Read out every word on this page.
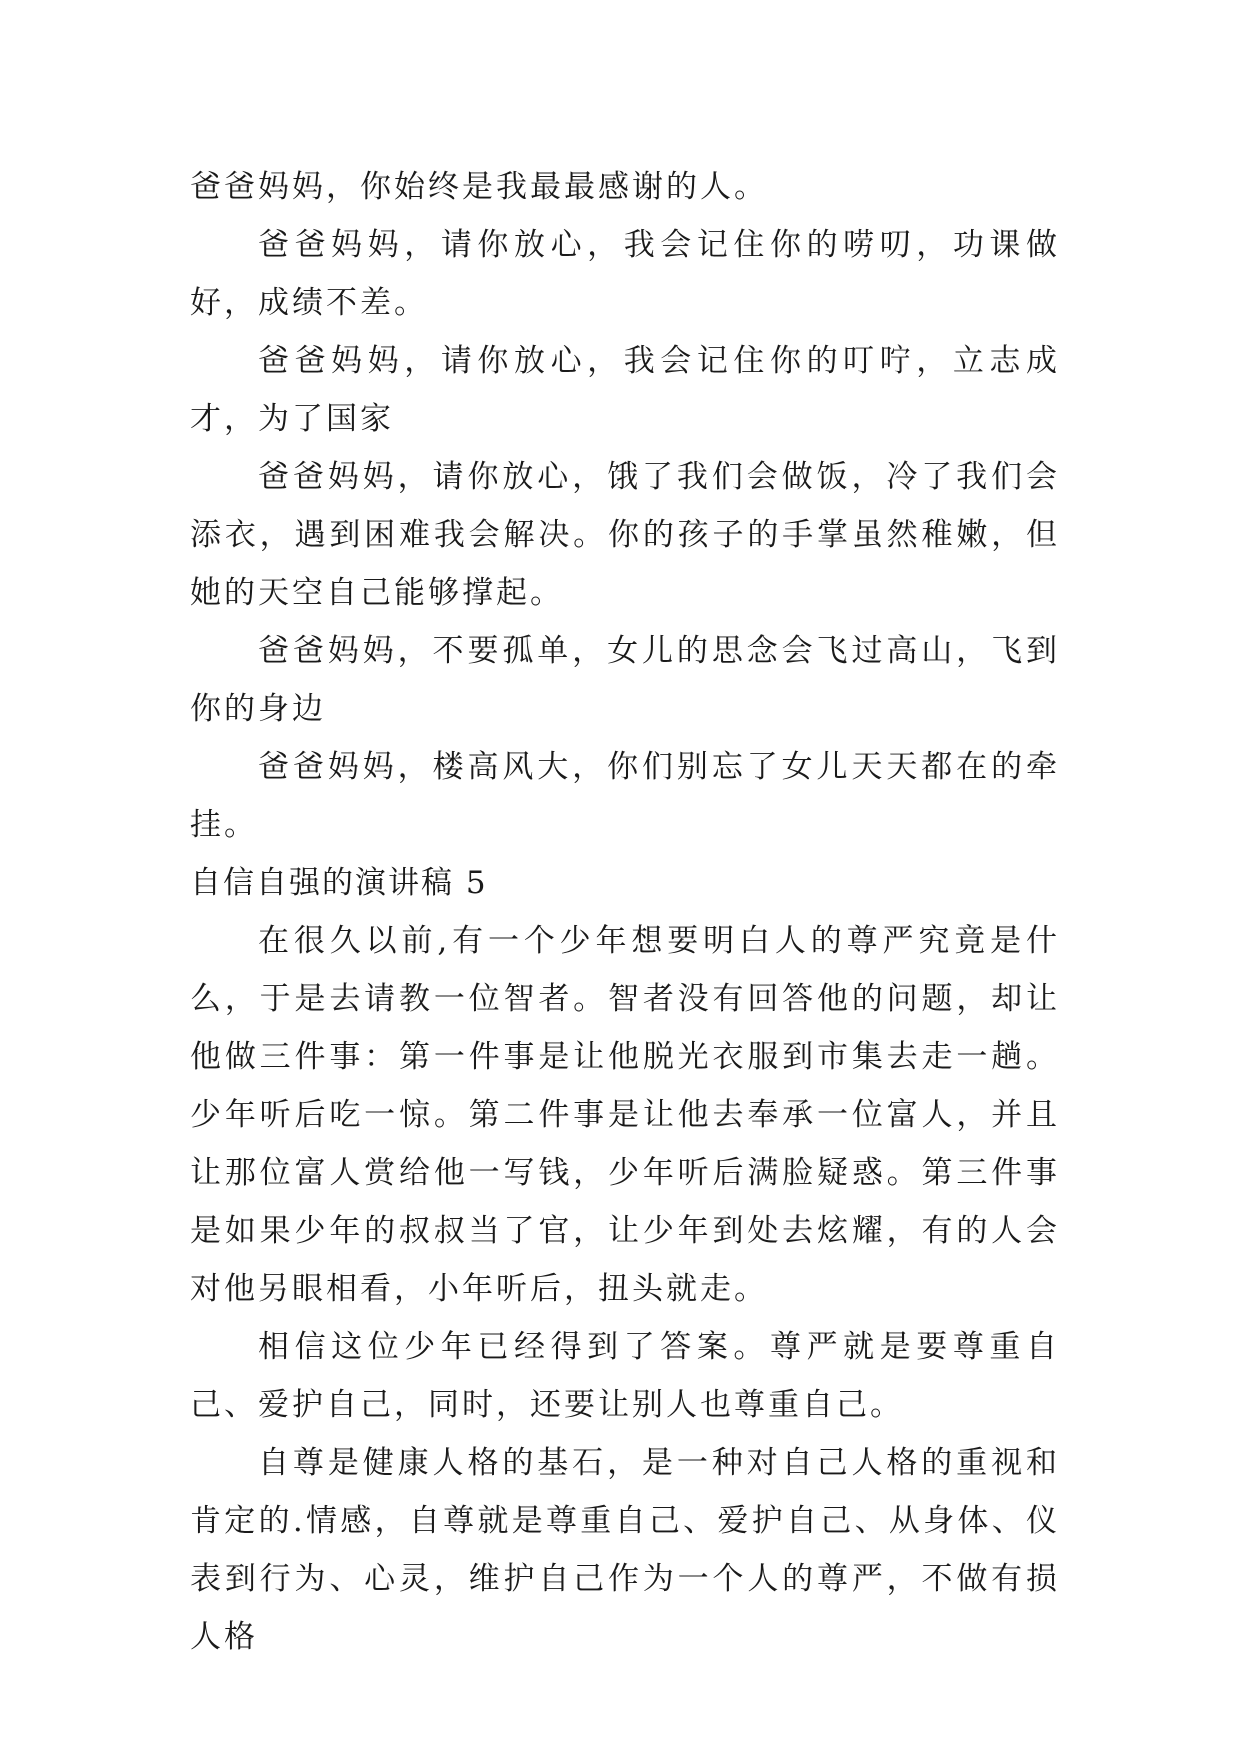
爸爸妈妈，你始终是我最最感谢的人。

爸爸妈妈，请你放心，我会记住你的唠叨，功课做好，成绩不差。

爸爸妈妈，请你放心，我会记住你的叮咛，立志成才，为了国家

爸爸妈妈，请你放心，饿了我们会做饭，冷了我们会添衣，遇到困难我会解决。你的孩子的手掌虽然稚嫩，但她的天空自己能够撑起。

爸爸妈妈，不要孤单，女儿的思念会飞过高山，飞到你的身边

爸爸妈妈，楼高风大，你们别忘了女儿天天都在的牵挂。

自信自强的演讲稿 5

在很久以前,有一个少年想要明白人的尊严究竟是什么，于是去请教一位智者。智者没有回答他的问题，却让他做三件事：第一件事是让他脱光衣服到市集去走一趟。少年听后吃一惊。第二件事是让他去奉承一位富人，并且让那位富人赏给他一写钱，少年听后满脸疑惑。第三件事是如果少年的叔叔当了官，让少年到处去炫耀，有的人会对他另眼相看，小年听后，扭头就走。

相信这位少年已经得到了答案。尊严就是要尊重自己、爱护自己，同时，还要让别人也尊重自己。

自尊是健康人格的基石，是一种对自己人格的重视和肯定的.情感，自尊就是尊重自己、爱护自己、从身体、仪表到行为、心灵，维护自己作为一个人的尊严，不做有损人格
